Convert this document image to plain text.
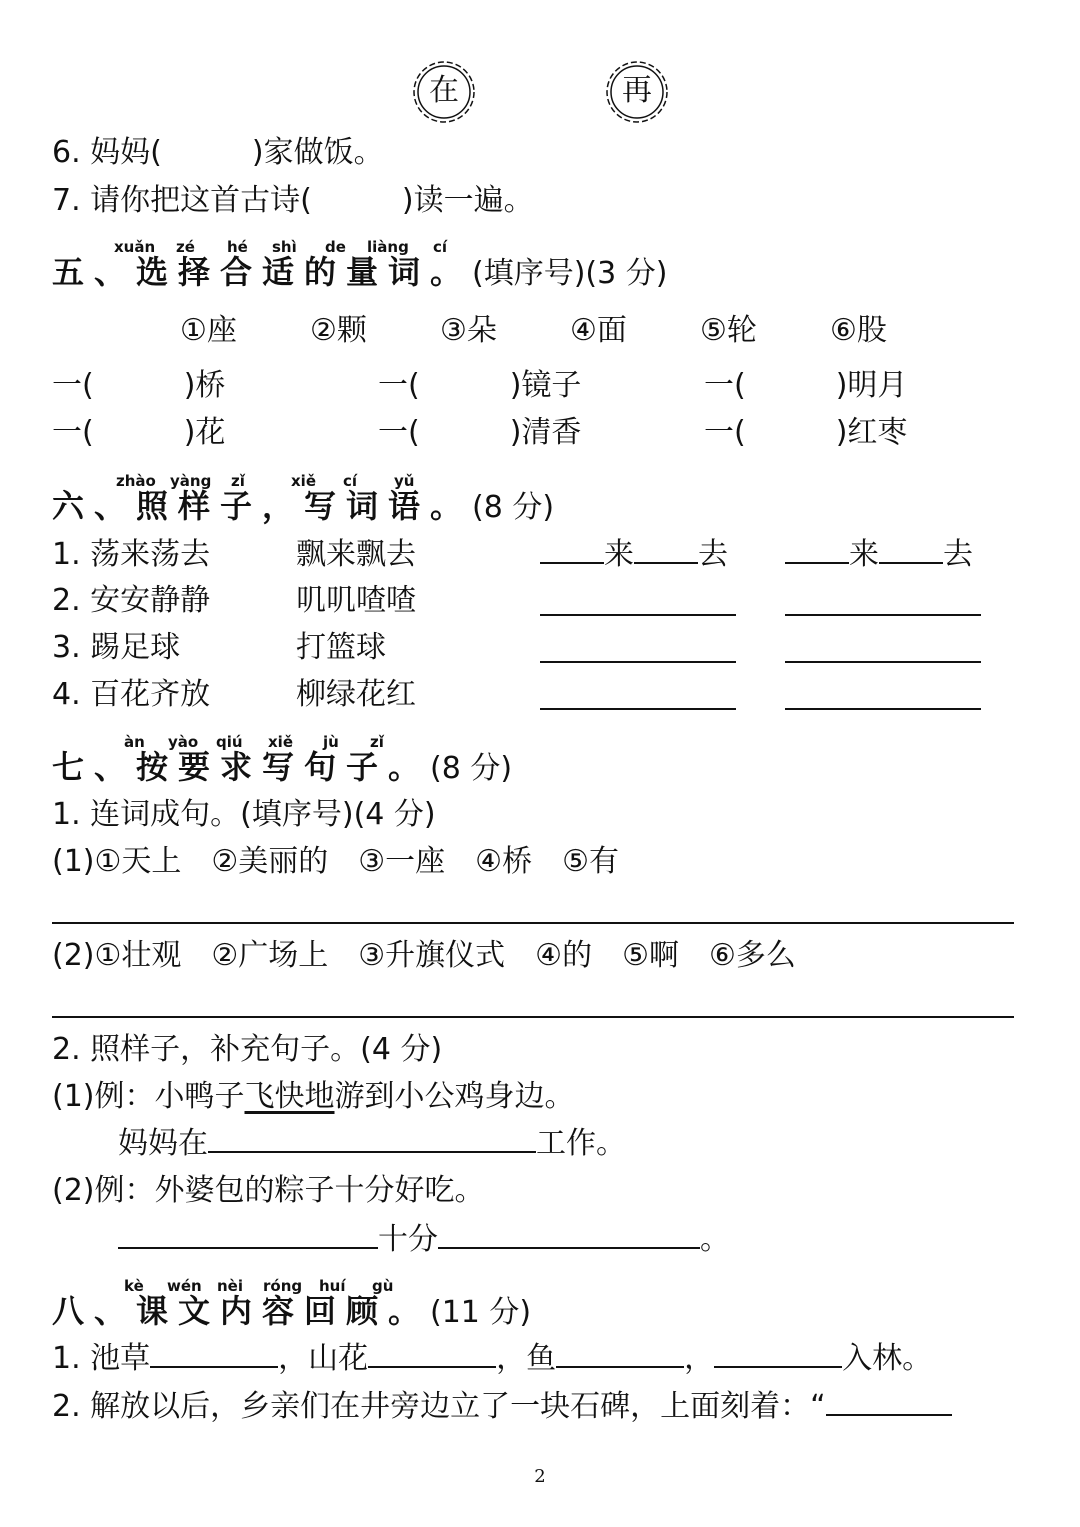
在	再
6. 妈妈(　　　)家做饭。
7. 请你把这首古诗(　　　)读一遍。
五、选择合适的量词。(填序号)(3 分)
xuǎn zé hé shì de liàng cí
①座 ②颗 ③朵 ④面 ⑤轮 ⑥股
一(　　　)桥	一(　　　)镜子	一(　　　)明月
一(　　　)花	一(　　　)清香	一(　　　)红枣
六、照样子，写词语。(8 分)
zhào yàng zǐ	xiě cí yǔ
1. 荡来荡去	飘来飘去	来 去	来 去
2. 安安静静	叽叽喳喳
3. 踢足球	打篮球
4. 百花齐放	柳绿花红
七、按要求写句子。(8 分)
àn yào qiú xiě jù zǐ
1. 连词成句。(填序号)(4 分)
(1)①天上　②美丽的　③一座　④桥　⑤有
(2)①壮观　②广场上　③升旗仪式　④的　⑤啊　⑥多么
2. 照样子，补充句子。(4 分)
(1)例：小鸭子飞快地游到小公鸡身边。
妈妈在	工作。
(2)例：外婆包的粽子十分好吃。
十分	。
八、课文内容回顾。(11 分)
kè wén nèi róng huí gù
1. 池草	，山花	，鱼	，	入林。
2. 解放以后，乡亲们在井旁边立了一块石碑，上面刻着：“
2
